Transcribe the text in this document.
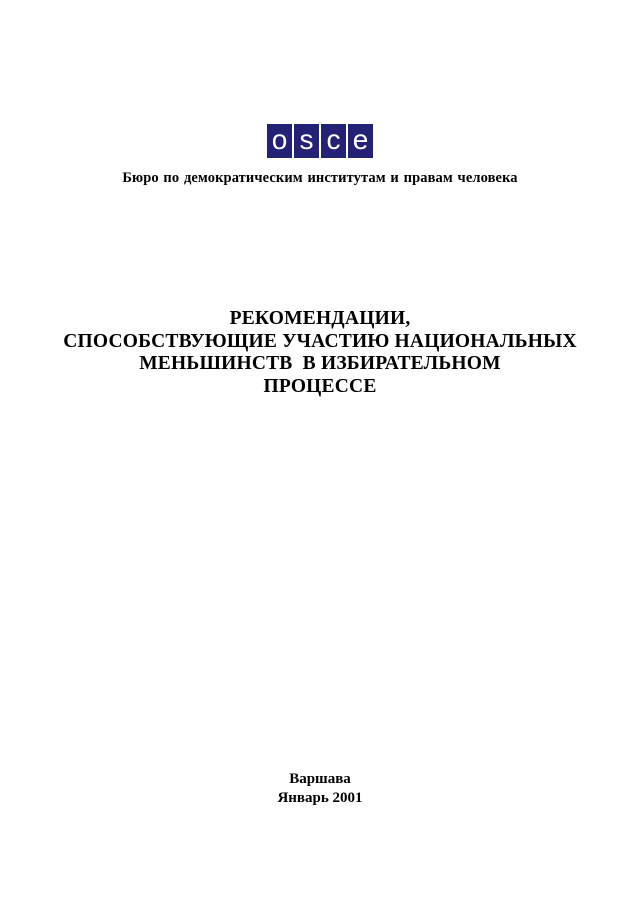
o s c e
Бюро по демократическим институтам и правам человека
РЕКОМЕНДАЦИИ,
СПОСОБСТВУЮЩИЕ УЧАСТИЮ НАЦИОНАЛЬНЫХ
МЕНЬШИНСТВ  В ИЗБИРАТЕЛЬНОМ
ПРОЦЕССЕ
Варшава
Январь 2001
